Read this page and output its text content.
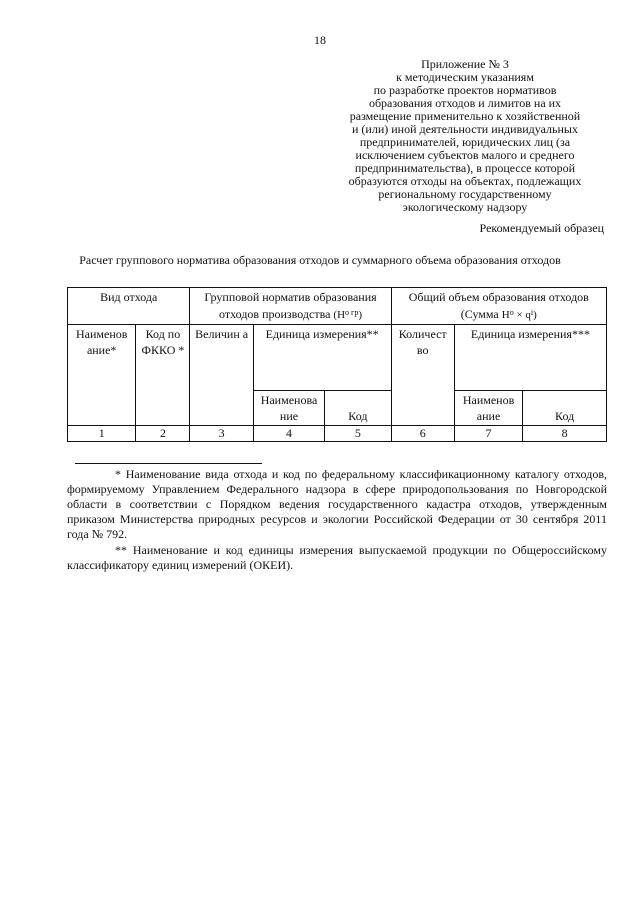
18
Приложение № 3
к методическим указаниям
по разработке проектов нормативов
образования отходов и лимитов на их
размещение применительно к хозяйственной
и (или) иной деятельности индивидуальных
предпринимателей, юридических лиц (за
исключением субъектов малого и среднего
предпринимательства), в процессе которой
образуются отходы на объектах, подлежащих
региональному государственному
экологическому надзору
Рекомендуемый образец
Расчет группового норматива образования отходов и суммарного объема образования отходов
Вид отхода		Групповой норматив образования отходов производства $(Н^{о гр})$			Общий объем образования отходов (Сумма $Н^о \times q^i$)		
Наименов ание*	Код по ФККО *	Величин а	Единица измерения**		Количест во	Единица измерения***	
			Наименова ние	Код		Наименов ание	Код
1	2	3	4	5	6	7	8

* Наименование вида отхода и код по федеральному классификационному каталогу отходов, формируемому Управлением Федерального надзора в сфере природопользования по Новгородской области в соответствии с Порядком ведения государственного кадастра отходов, утвержденным приказом Министерства природных ресурсов и экологии Российской Федерации от 30 сентября 2011 года № 792.

** Наименование и код единицы измерения выпускаемой продукции по Общероссийскому классификатору единиц измерений (ОКЕИ).
